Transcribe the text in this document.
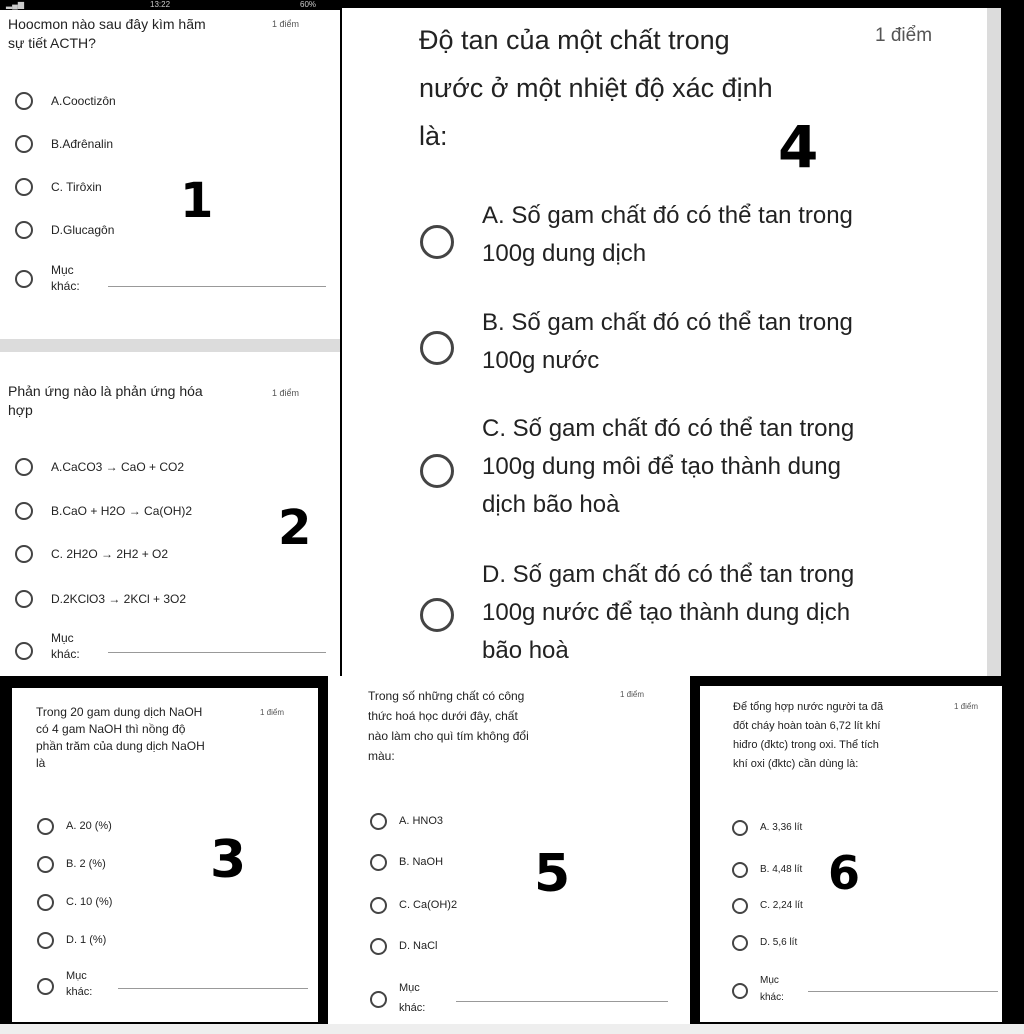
▂▄▆	13:22	60%
Hoocmon nào sau đây kìm hãm
sự tiết ACTH?
1 điểm
A.Cooctizôn
B.Ađrênalin
C. Tirôxin
D.Glucagôn
Mục
khác:
1
Phản ứng nào là phản ứng hóa
hợp
1 điểm
A.CaCO3 → CaO + CO2
B.CaO + H2O → Ca(OH)2
C. 2H2O → 2H2 + O2
D.2KClO3 → 2KCl + 3O2
Mục
khác:
2
Độ tan của một chất trong
nước ở một nhiệt độ xác định
là:
1 điểm
4
A. Số gam chất đó có thể tan trong
100g dung dịch
B. Số gam chất đó có thể tan trong
100g nước
C. Số gam chất đó có thể tan trong
100g dung môi để tạo thành dung
dịch bão hoà
D. Số gam chất đó có thể tan trong
100g nước để tạo thành dung dịch
bão hoà
Trong 20 gam dung dịch NaOH
có 4 gam NaOH thì nồng độ
phần trăm của dung dịch NaOH
là
1 điểm
A. 20 (%)
B. 2 (%)
C. 10 (%)
D. 1 (%)
Mục
khác:
3
Trong số những chất có công
thức hoá học dưới đây, chất
nào làm cho quì tím không đổi
màu:
1 điểm
A. HNO3
B. NaOH
C. Ca(OH)2
D. NaCl
Mục
khác:
5
Để tổng hợp nước người ta đã
đốt cháy hoàn toàn 6,72 lít khí
hiđro (đktc) trong oxi. Thể tích
khí oxi (đktc) cần dùng là:
1 điểm
A. 3,36 lít
B. 4,48 lít
C. 2,24 lít
D. 5,6 lít
Mục
khác:
6
